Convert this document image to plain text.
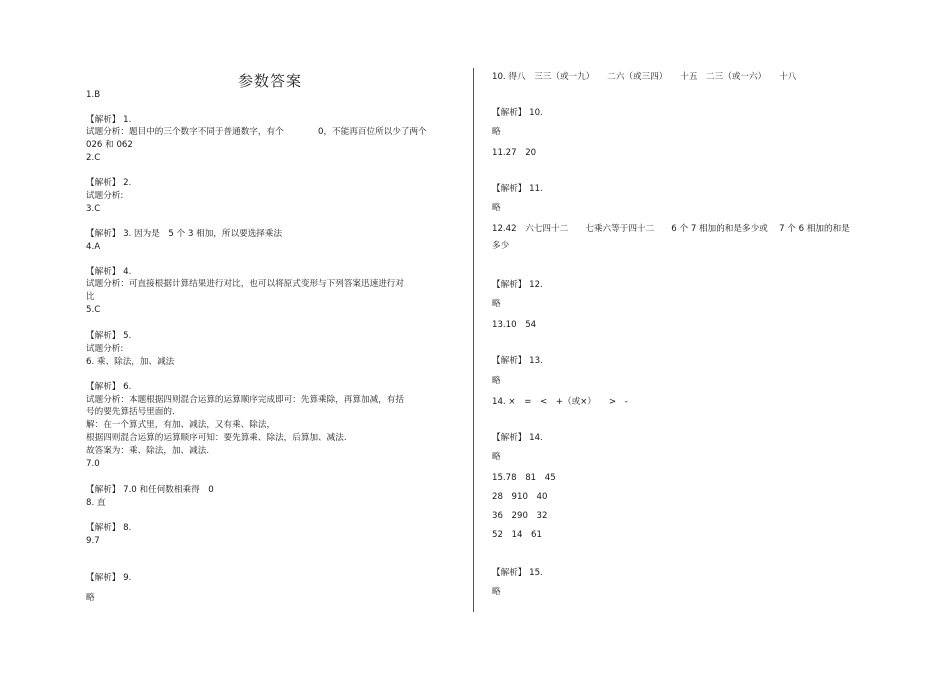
参数答案
1.B
【解析】 1.
试题分析：题目中的三个数字不同于普通数字，有个　　　　0，不能再百位所以少了两个
026 和 062
2.C
【解析】 2.
试题分析:
3.C
【解析】 3. 因为是　5 个 3 相加，所以要选择乘法
4.A
【解析】 4.
试题分析：可直接根据计算结果进行对比，也可以将原式变形与下列答案迅速进行对
比
5.C
【解析】 5.
试题分析:
6. 乘、除法，加、减法
【解析】 6.
试题分析：本题根据四则混合运算的运算顺序完成即可：先算乘除，再算加减，有括
号的要先算括号里面的.
解：在一个算式里，有加、减法，又有乘、除法，
根据四则混合运算的运算顺序可知：要先算乘、除法，后算加、减法.
故答案为：乘、除法，加、减法.
7.0
【解析】 7.0 和任何数相乘得　0
8. 直
【解析】 8.
9.7
【解析】 9.
略
10. 得八　三三（或一九）　　二六（或三四）　　十五　二三（或一六）　　十八
【解析】 10.
略
11.27　20
【解析】 11.
略
12.42　六七四十二　　七乘六等于四十二　　6 个 7 相加的和是多少或　 7 个 6 相加的和是
多少
【解析】 12.
略
13.10　54
【解析】 13.
略
14. ×　=　<　+（或×）　　>　-
【解析】 14.
略
15.78　81　45
28　910　40
36　290　32
52　14　61
【解析】 15.
略
